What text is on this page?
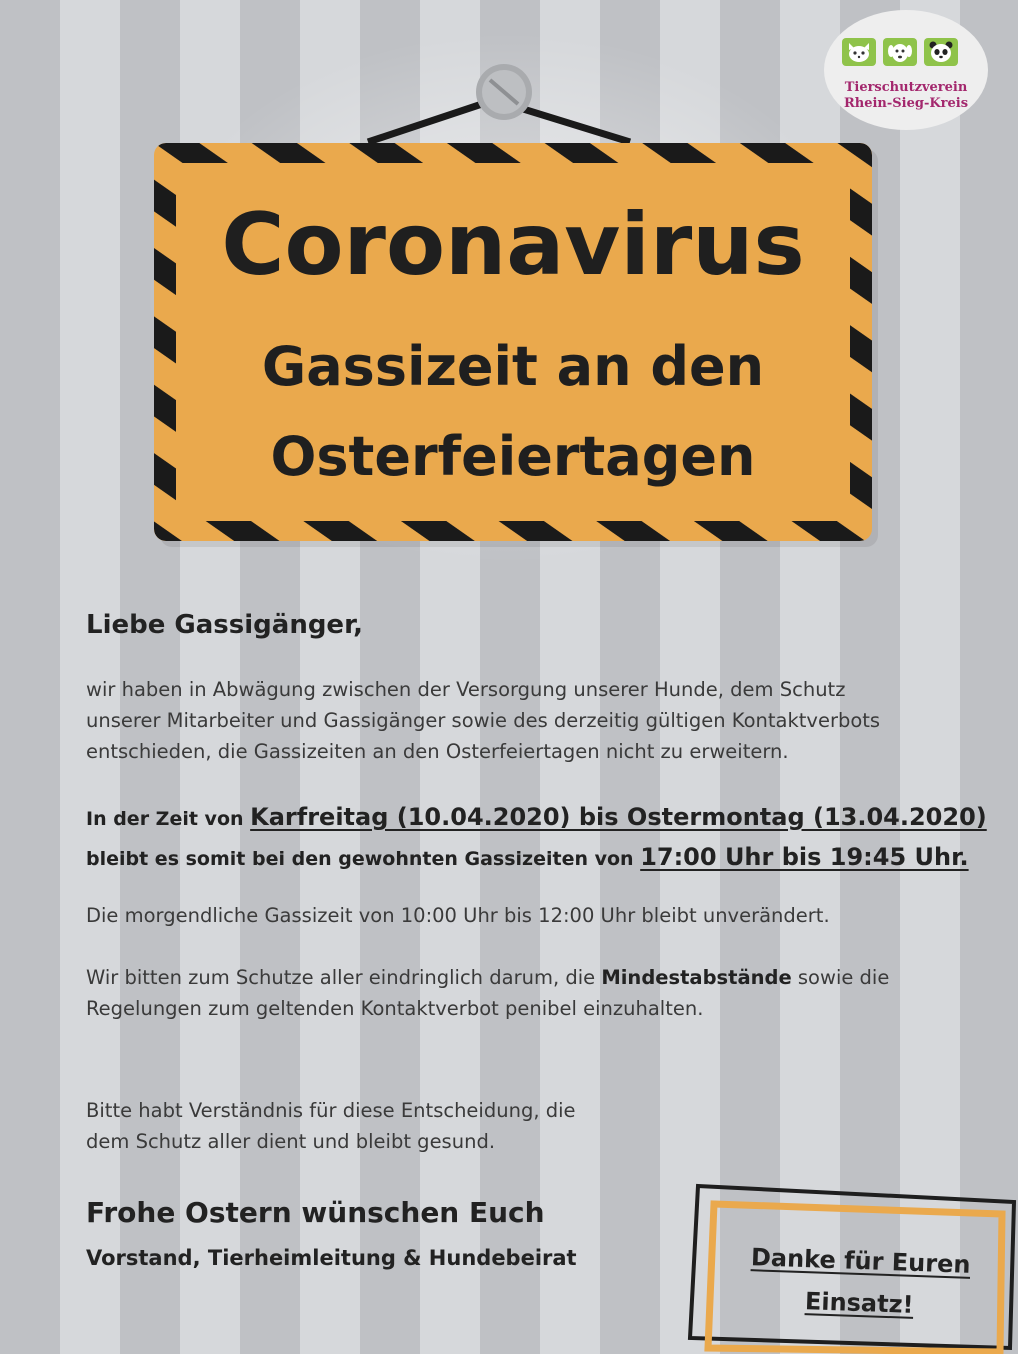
Tierschutzverein
Rhein-Sieg-Kreis
Liebe Gassigänger,
wir haben in Abwägung zwischen der Versorgung unserer Hunde, dem Schutz
unserer Mitarbeiter und Gassigänger sowie des derzeitig gültigen Kontaktverbots
entschieden, die Gassizeiten an den Osterfeiertagen nicht zu erweitern.
In der Zeit von Karfreitag (10.04.2020) bis Ostermontag (13.04.2020)
bleibt es somit bei den gewohnten Gassizeiten von 17:00 Uhr bis 19:45 Uhr.
Die morgendliche Gassizeit von 10:00 Uhr bis 12:00 Uhr bleibt unverändert.
Wir bitten zum Schutze aller eindringlich darum, die Mindestabstände sowie die
Regelungen zum geltenden Kontaktverbot penibel einzuhalten.
Bitte habt Verständnis für diese Entscheidung, die
dem Schutz aller dient und bleibt gesund.
Frohe Ostern wünschen Euch
Vorstand, Tierheimleitung & Hundebeirat	Danke für Euren
Einsatz!
